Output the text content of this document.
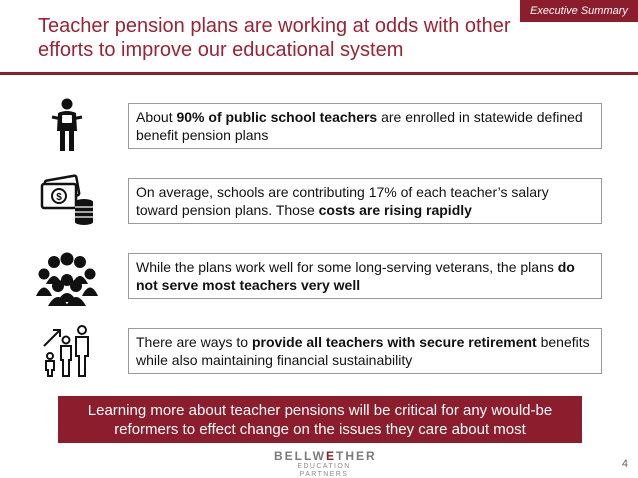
Executive Summary
Teacher pension plans are working at odds with other efforts to improve our educational system
About 90% of public school teachers are enrolled in statewide defined benefit pension plans
$	On average, schools are contributing 17% of each teacher’s salary toward pension plans. Those costs are rising rapidly
While the plans work well for some long-serving veterans, the plans do not serve most teachers very well
There are ways to provide all teachers with secure retirement benefits while also maintaining financial sustainability
Learning more about teacher pensions will be critical for any would-be reformers to effect change on the issues they care about most
BELLWETHER
EDUCATION PARTNERS
4
